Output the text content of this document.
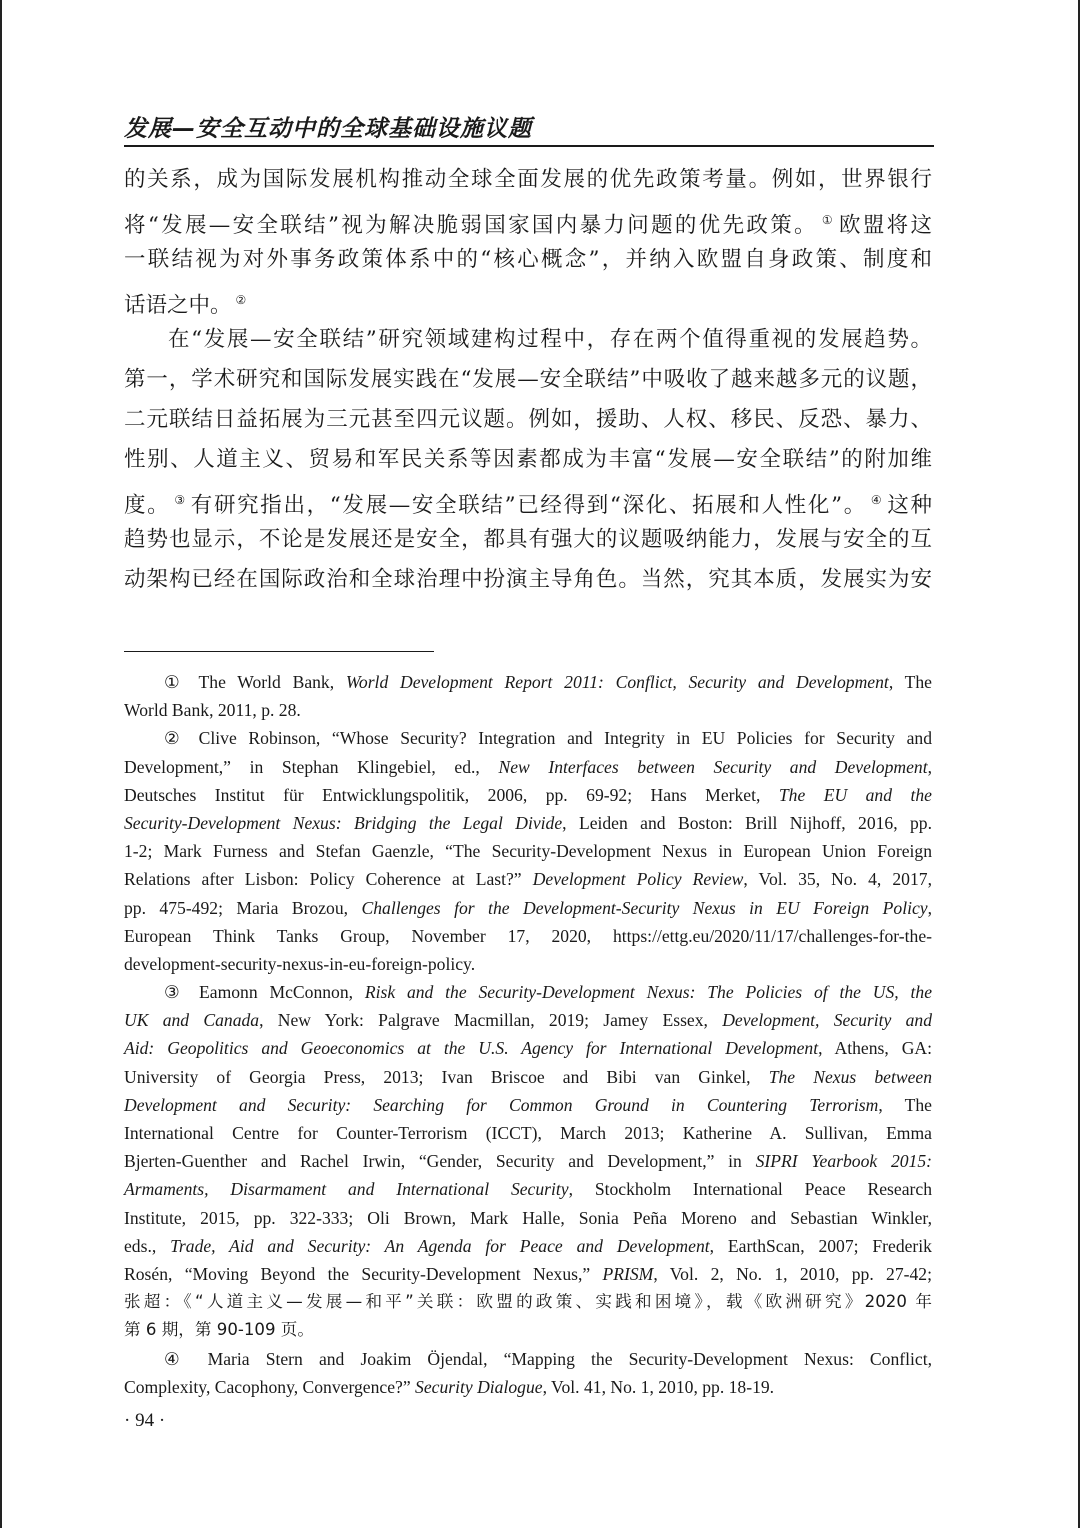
发展—安全互动中的全球基础设施议题
的关系，成为国际发展机构推动全球全面发展的优先政策考量。例如，世界银行
将“发展—安全联结”视为解决脆弱国家国内暴力问题的优先政策。 ① 欧盟将这
一联结视为对外事务政策体系中的“核心概念”，并纳入欧盟自身政策、制度和
话语之中。 ②
在“发展—安全联结”研究领域建构过程中，存在两个值得重视的发展趋势。
第一，学术研究和国际发展实践在“发展—安全联结”中吸收了越来越多元的议题，
二元联结日益拓展为三元甚至四元议题。例如，援助、人权、移民、反恐、暴力、
性别、人道主义、贸易和军民关系等因素都成为丰富“发展—安全联结”的附加维
度。 ③ 有研究指出，“发展—安全联结”已经得到“深化、拓展和人性化”。 ④ 这种
趋势也显示，不论是发展还是安全，都具有强大的议题吸纳能力，发展与安全的互
动架构已经在国际政治和全球治理中扮演主导角色。当然，究其本质，发展实为安
① The World Bank, World Development Report 2011: Conflict, Security and Development, The
World Bank, 2011, p. 28.
② Clive Robinson, “Whose Security? Integration and Integrity in EU Policies for Security and
Development,” in Stephan Klingebiel, ed., New Interfaces between Security and Development,
Deutsches Institut für Entwicklungspolitik, 2006, pp. 69-92; Hans Merket, The EU and the
Security-Development Nexus: Bridging the Legal Divide, Leiden and Boston: Brill Nijhoff, 2016, pp.
1-2; Mark Furness and Stefan Gaenzle, “The Security-Development Nexus in European Union Foreign
Relations after Lisbon: Policy Coherence at Last?” Development Policy Review, Vol. 35, No. 4, 2017,
pp. 475-492; Maria Brozou, Challenges for the Development-Security Nexus in EU Foreign Policy,
European Think Tanks Group, November 17, 2020, https://ettg.eu/2020/11/17/challenges-for-the-
development-security-nexus-in-eu-foreign-policy.
③ Eamonn McConnon, Risk and the Security-Development Nexus: The Policies of the US, the
UK and Canada, New York: Palgrave Macmillan, 2019; Jamey Essex, Development, Security and
Aid: Geopolitics and Geoeconomics at the U.S. Agency for International Development, Athens, GA:
University of Georgia Press, 2013; Ivan Briscoe and Bibi van Ginkel, The Nexus between
Development and Security: Searching for Common Ground in Countering Terrorism, The
International Centre for Counter-Terrorism (ICCT), March 2013; Katherine A. Sullivan, Emma
Bjerten-Guenther and Rachel Irwin, “Gender, Security and Development,” in SIPRI Yearbook 2015:
Armaments, Disarmament and International Security, Stockholm International Peace Research
Institute, 2015, pp. 322-333; Oli Brown, Mark Halle, Sonia Peña Moreno and Sebastian Winkler,
eds., Trade, Aid and Security: An Agenda for Peace and Development, EarthScan, 2007; Frederik
Rosén, “Moving Beyond the Security-Development Nexus,” PRISM, Vol. 2, No. 1, 2010, pp. 27-42;
张超：《“人道主义—发展—和平”关联：欧盟的政策、实践和困境》，载《欧洲研究》2020 年
第 6 期，第 90-109 页。
④ Maria Stern and Joakim Öjendal, “Mapping the Security-Development Nexus: Conflict,
Complexity, Cacophony, Convergence?” Security Dialogue, Vol. 41, No. 1, 2010, pp. 18-19.
· 94 ·
